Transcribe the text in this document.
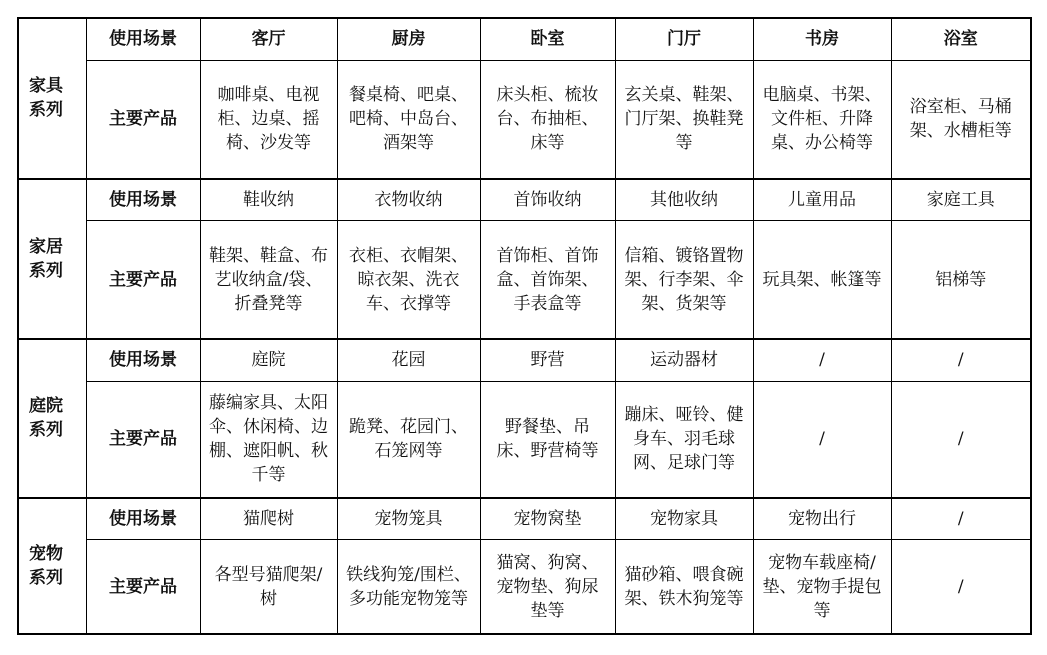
家具系列	使用场景	客厅	厨房	卧室	门厅	书房	浴室
	主要产品	咖啡桌、电视柜、边桌、摇椅、沙发等	餐桌椅、吧桌、吧椅、中岛台、酒架等	床头柜、梳妆台、布抽柜、床等	玄关桌、鞋架、门厅架、换鞋凳等	电脑桌、书架、文件柜、升降桌、办公椅等	浴室柜、马桶架、水槽柜等

家居系列	使用场景	鞋收纳	衣物收纳	首饰收纳	其他收纳	儿童用品	家庭工具
	主要产品	鞋架、鞋盒、布艺收纳盒/袋、折叠凳等	衣柜、衣帽架、晾衣架、洗衣车、衣撑等	首饰柜、首饰盒、首饰架、手表盒等	信箱、镀铬置物架、行李架、伞架、货架等	玩具架、帐篷等	铝梯等

庭院系列	使用场景	庭院	花园	野营	运动器材	/	/
	主要产品	藤编家具、太阳伞、休闲椅、边棚、遮阳帆、秋千等	跪凳、花园门、石笼网等	野餐垫、吊床、野营椅等	蹦床、哑铃、健身车、羽毛球网、足球门等	/	/

宠物系列	使用场景	猫爬树	宠物笼具	宠物窝垫	宠物家具	宠物出行	/
	主要产品	各型号猫爬架/树	铁线狗笼/围栏、多功能宠物笼等	猫窝、狗窝、宠物垫、狗尿垫等	猫砂箱、喂食碗架、铁木狗笼等	宠物车载座椅/垫、宠物手提包等	/
